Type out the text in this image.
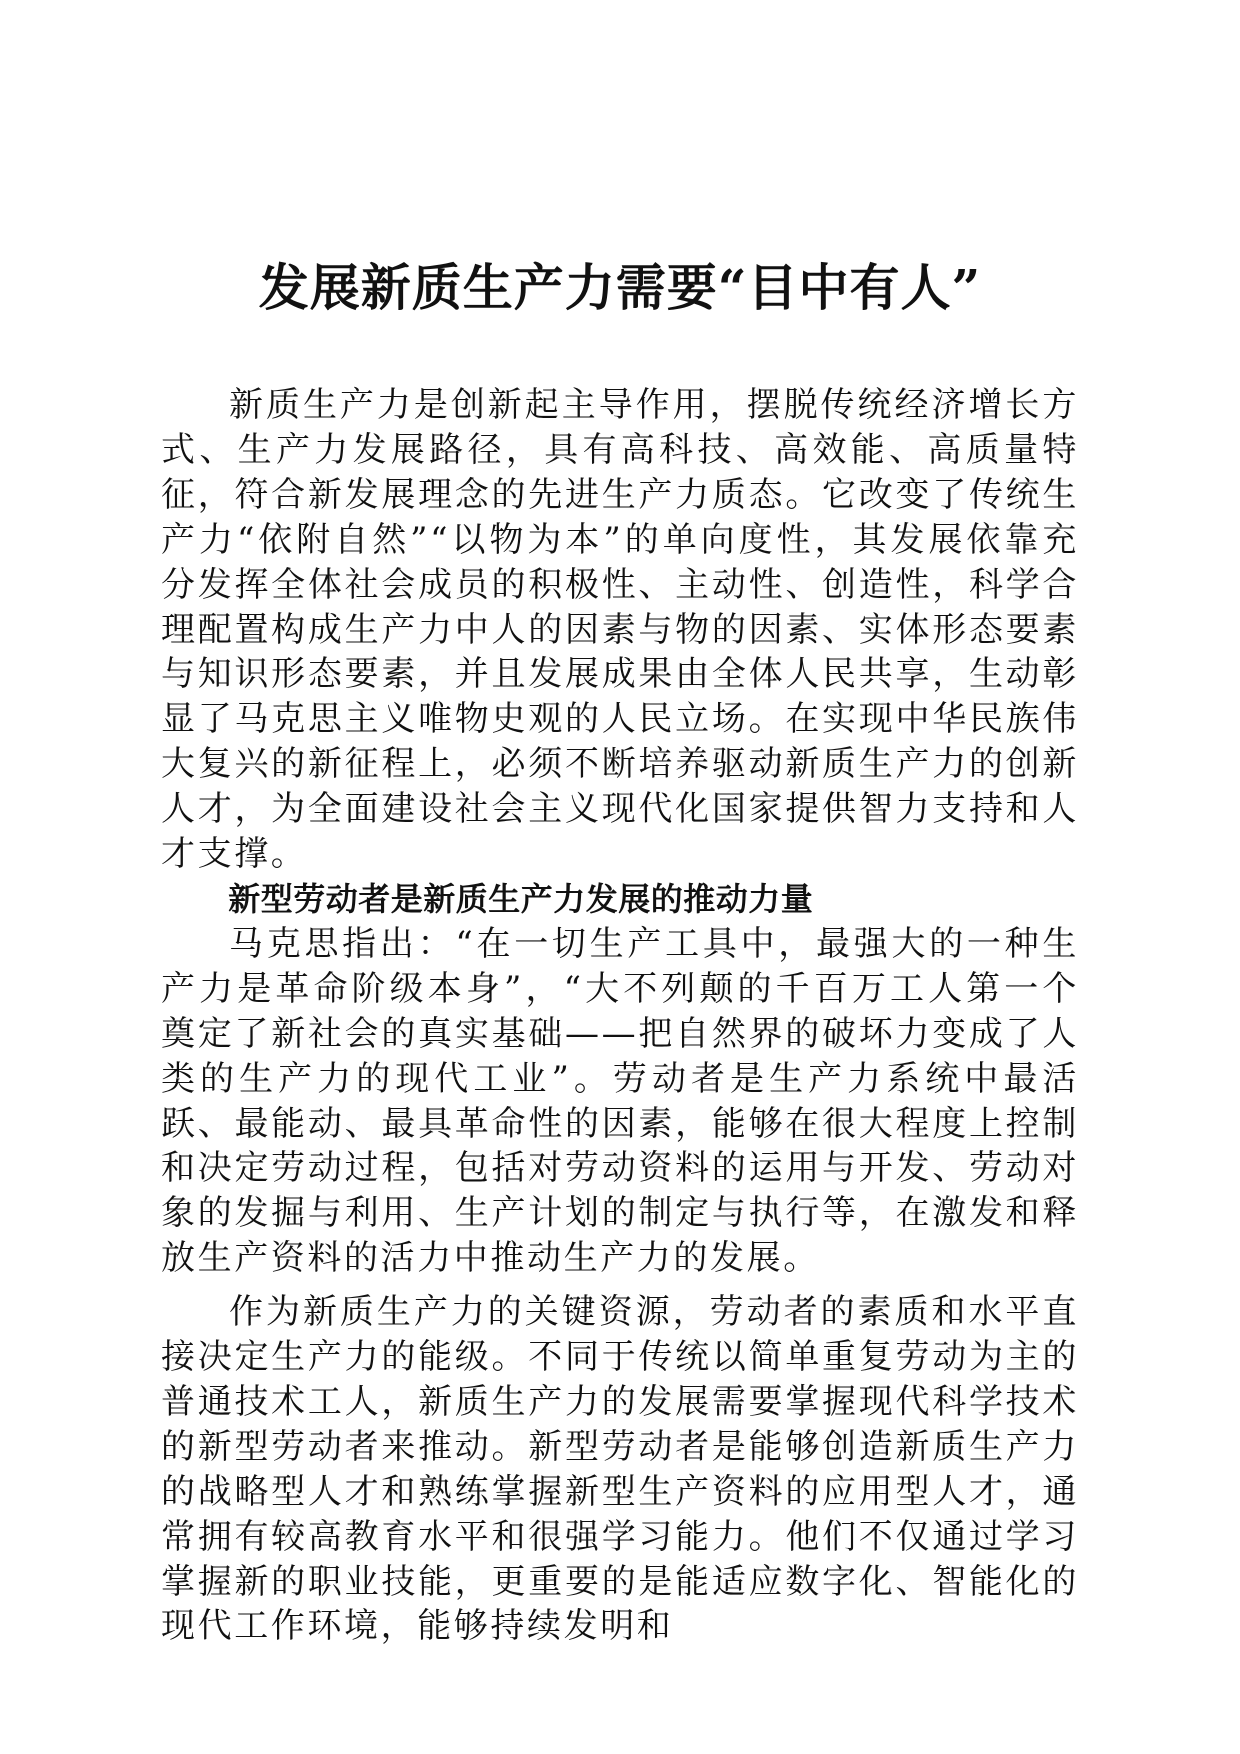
发展新质生产力需要“目中有人”

新质生产力是创新起主导作用，摆脱传统经济增长方式、生产力发展路径，具有高科技、高效能、高质量特征，符合新发展理念的先进生产力质态。它改变了传统生产力“依附自然”“以物为本”的单向度性，其发展依靠充分发挥全体社会成员的积极性、主动性、创造性，科学合理配置构成生产力中人的因素与物的因素、实体形态要素与知识形态要素，并且发展成果由全体人民共享，生动彰显了马克思主义唯物史观的人民立场。在实现中华民族伟大复兴的新征程上，必须不断培养驱动新质生产力的创新人才，为全面建设社会主义现代化国家提供智力支持和人才支撑。

新型劳动者是新质生产力发展的推动力量

马克思指出：“在一切生产工具中，最强大的一种生产力是革命阶级本身”，“大不列颠的千百万工人第一个奠定了新社会的真实基础——把自然界的破坏力变成了人类的生产力的现代工业”。劳动者是生产力系统中最活跃、最能动、最具革命性的因素，能够在很大程度上控制和决定劳动过程，包括对劳动资料的运用与开发、劳动对象的发掘与利用、生产计划的制定与执行等，在激发和释放生产资料的活力中推动生产力的发展。

作为新质生产力的关键资源，劳动者的素质和水平直接决定生产力的能级。不同于传统以简单重复劳动为主的普通技术工人，新质生产力的发展需要掌握现代科学技术的新型劳动者来推动。新型劳动者是能够创造新质生产力的战略型人才和熟练掌握新型生产资料的应用型人才，通常拥有较高教育水平和很强学习能力。他们不仅通过学习掌握新的职业技能，更重要的是能适应数字化、智能化的现代工作环境，能够持续发明和
